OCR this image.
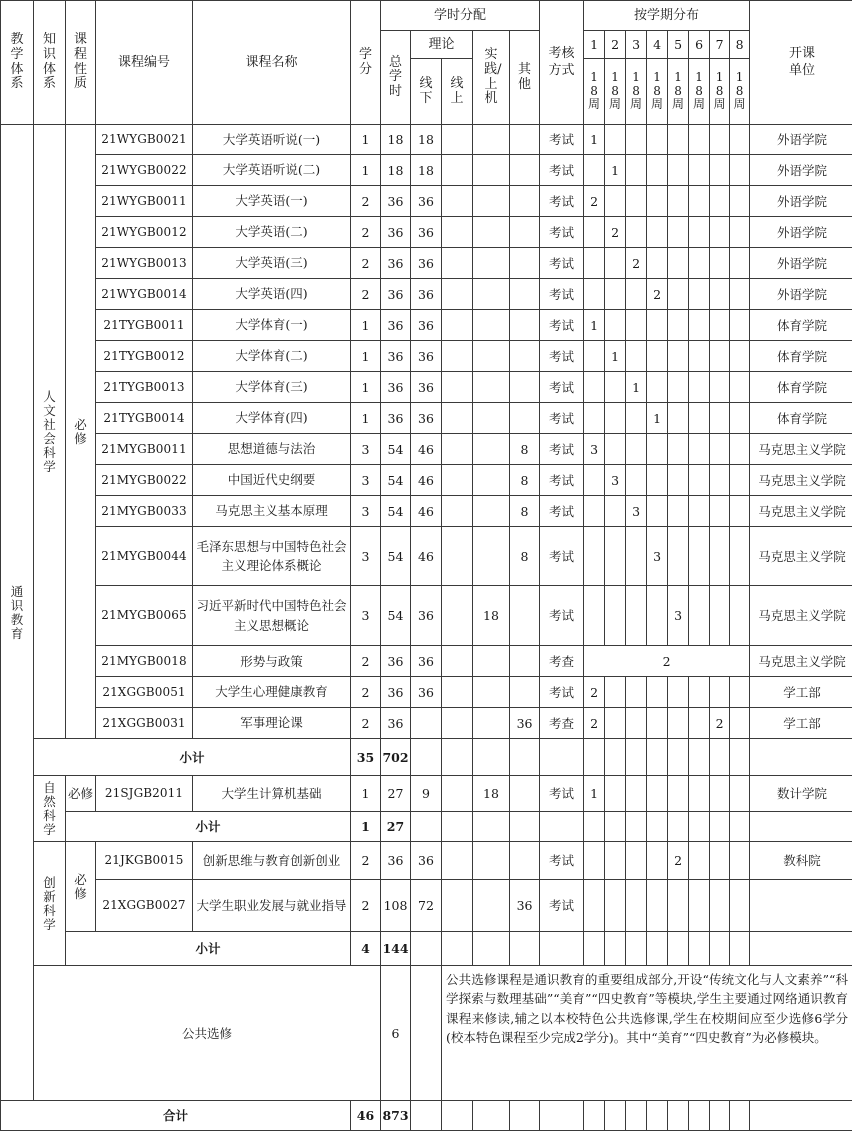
教学体系	知识体系	课程性质	课程编号	课程名称	学分	学时分配					考核方式	按学期分布								开课单位	

						总学时	理论		实践/上机	其他		1	2	3	4	5	6	7	8		

							线下	线上				18周	18周	18周	18周	18周	18周	18周	18周		

通识教育	人文社会科学	必修	21WYGB0021	大学英语听说(一)	1	18	18				考试	1								外语学院	
			21WYGB0022	大学英语听说(二)	1	18	18				考试		1							外语学院	
			21WYGB0011	大学英语(一)	2	36	36				考试	2								外语学院	
			21WYGB0012	大学英语(二)	2	36	36				考试		2							外语学院	
			21WYGB0013	大学英语(三)	2	36	36				考试			2						外语学院	
			21WYGB0014	大学英语(四)	2	36	36				考试				2					外语学院	
			21TYGB0011	大学体育(一)	1	36	36				考试	1								体育学院	
			21TYGB0012	大学体育(二)	1	36	36				考试		1							体育学院	
			21TYGB0013	大学体育(三)	1	36	36				考试			1						体育学院	
			21TYGB0014	大学体育(四)	1	36	36				考试				1					体育学院	
			21MYGB0011	思想道德与法治	3	54	46			8	考试	3								马克思主义学院	
			21MYGB0022	中国近代史纲要	3	54	46			8	考试		3							马克思主义学院	
			21MYGB0033	马克思主义基本原理	3	54	46			8	考试			3						马克思主义学院	
			21MYGB0044	毛泽东思想与中国特色社会主义理论体系概论	3	54	46			8	考试				3					马克思主义学院	
			21MYGB0065	习近平新时代中国特色社会主义思想概论	3	54	36		18		考试					3				马克思主义学院	
			21MYGB0018	形势与政策	2	36	36				考查	2								马克思主义学院	
			21XGGB0051	大学生心理健康教育	2	36	36				考试	2								学工部	
			21XGGB0031	军事理论课	2	36				36	考查	2						2		学工部	
	小计				35	702															

	自然科学	必修	21SJGB2011	大学生计算机基础	1	27	9		18		考试	1								数计学院	
		小计			1	27															

	创新科学	必修	21JKGB0015	创新思维与教育创新创业	2	36	36				考试					2				教科院	
			21XGGB0027	大学生职业发展与就业指导	2	108	72			36	考试										
		小计			4	144															
	公共选修					6		公共选修课程是通识教育的重要组成部分,开设“传统文化与人文素养”“科学探索与数理基础”“美育”“四史教育”等模块,学生主要通过网络通识教育课程来修读,辅之以本校特色公共选修课,学生在校期间应至少选修6学分(校本特色课程至少完成2学分)。其中“美育”“四史教育”为必修模块。													
合计					46	873															
